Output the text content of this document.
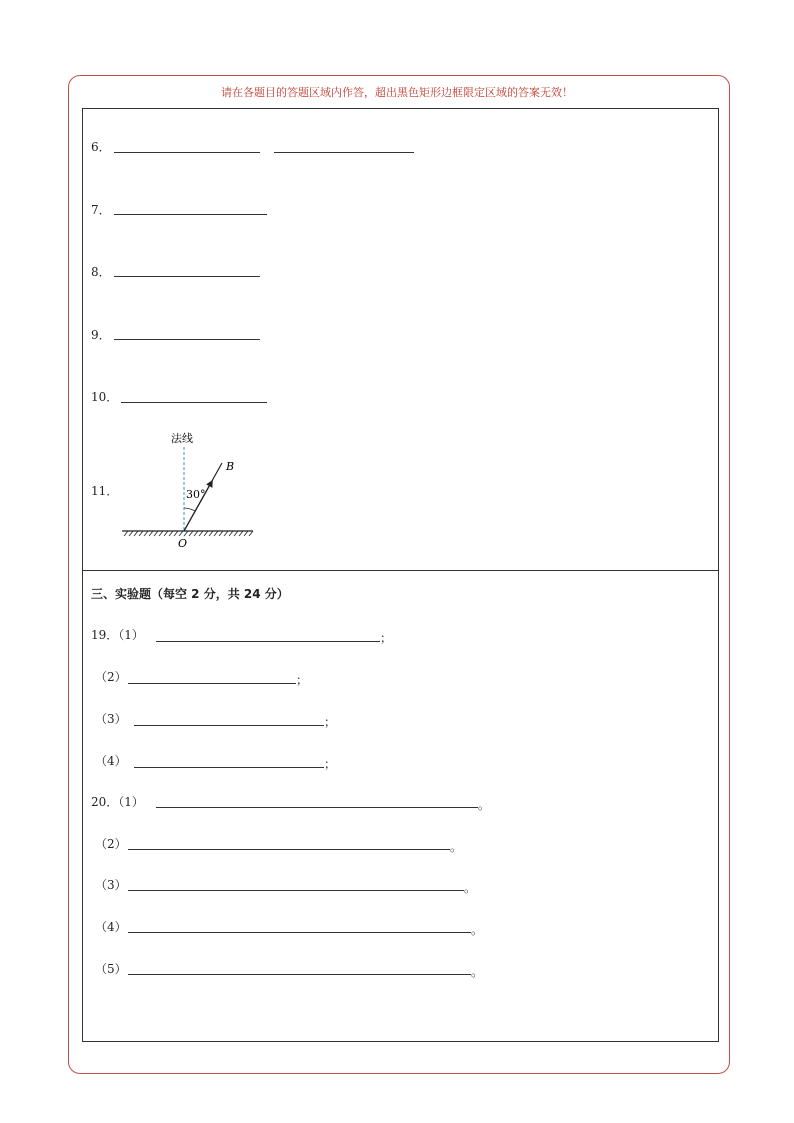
请在各题目的答题区域内作答，超出黑色矩形边框限定区域的答案无效！
6．
7．
8．
9．
10．
11．
法线
30°
B
O
三、实验题（每空 2 分，共 24 分）
19．（1）	；
（2）	；
（3）	；
（4）	；
20．（1）	。
（2）	。
（3）	。
（4）	。
（5）	。
